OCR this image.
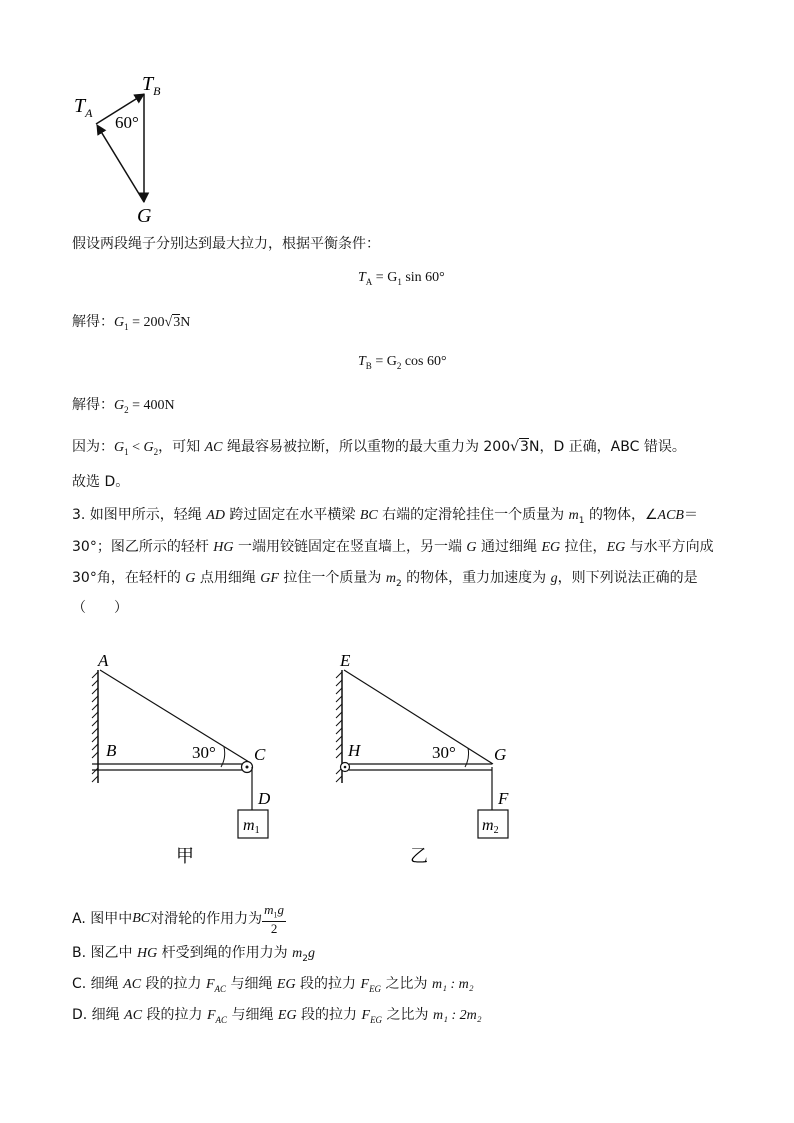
$T_A$
$T_B$
60°
G
假设两段绳子分别达到最大拉力，根据平衡条件：
$T_A = G_1$ sin 60°
解得：$G_1 = 200√3N$
$T_B = G_2$ cos 60°
解得：$G_2 = 400N$
因为：$G_1 < G_2$，可知 AC 绳最容易被拉断，所以重物的最大重力为 200√3N，D 正确，ABC 错误。
故选 D。
3. 如图甲所示，轻绳 AD 跨过固定在水平横梁 BC 右端的定滑轮挂住一个质量为 $m_1$ 的物体，∠ACB＝
30°；图乙所示的轻杆 HG 一端用铰链固定在竖直墙上，另一端 G 通过细绳 EG 拉住，EG 与水平方向成
30°角，在轻杆的 G 点用细绳 GF 拉住一个质量为 $m_2$ 的物体，重力加速度为 g，则下列说法正确的是
（　　）
m1
A
B	C
D
30°
甲
m2
E
H	G
F
30°
乙
A. 图甲中 BC 对滑轮的作用力为 $\frac{m_1g}{2}$
B. 图乙中 HG 杆受到绳的作用力为 $m_2g$
C. 细绳 AC 段的拉力 $F_{AC}$ 与细绳 EG 段的拉力 $F_{EG}$ 之比为 m₁ : m₂
D. 细绳 AC 段的拉力 $F_{AC}$ 与细绳 EG 段的拉力 $F_{EG}$ 之比为 m₁ : 2m₂
